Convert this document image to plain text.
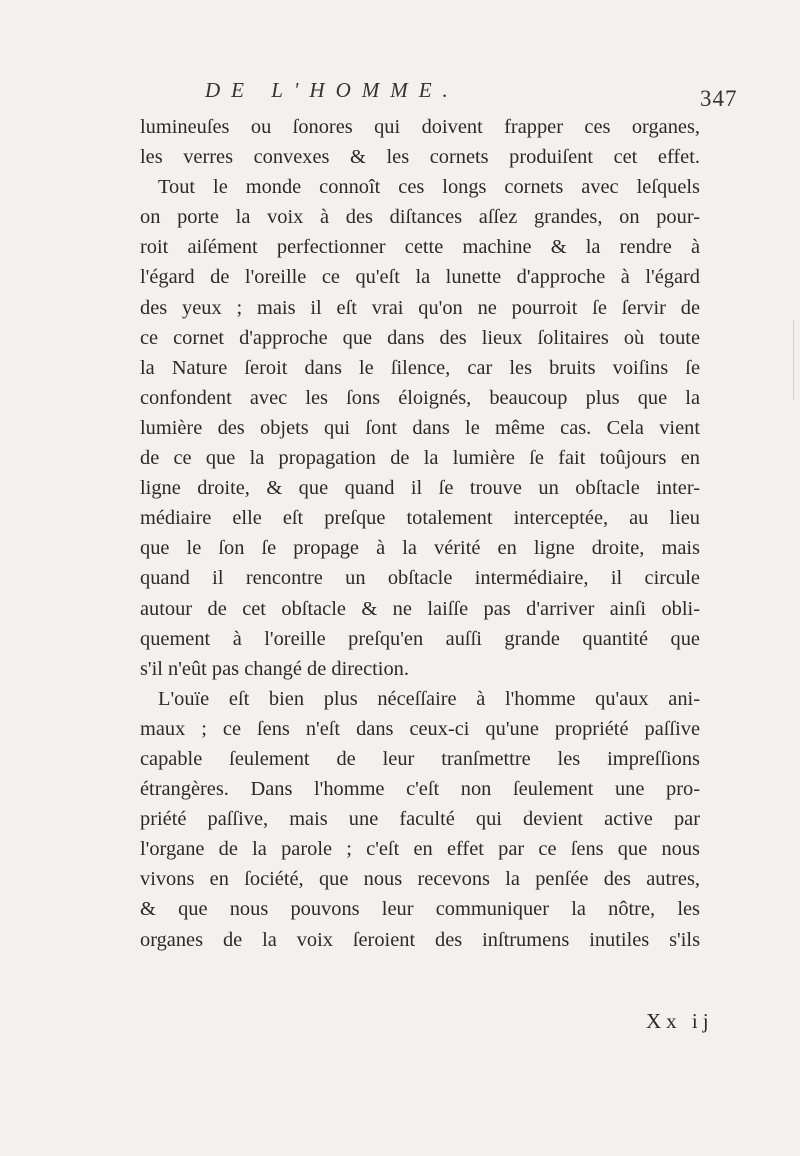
DE L'HOMME.	347
lumineuſes ou ſonores qui doivent frapper ces organes,
les verres convexes & les cornets produiſent cet effet.
Tout le monde connoît ces longs cornets avec leſquels
on porte la voix à des diſtances aſſez grandes, on pour-
roit aiſément perfectionner cette machine & la rendre à
l'égard de l'oreille ce qu'eſt la lunette d'approche à l'égard
des yeux ; mais il eſt vrai qu'on ne pourroit ſe ſervir de
ce cornet d'approche que dans des lieux ſolitaires où toute
la Nature ſeroit dans le ſilence, car les bruits voiſins ſe
confondent avec les ſons éloignés, beaucoup plus que la
lumière des objets qui ſont dans le même cas. Cela vient
de ce que la propagation de la lumière ſe fait toûjours en
ligne droite, & que quand il ſe trouve un obſtacle inter-
médiaire elle eſt preſque totalement interceptée, au lieu
que le ſon ſe propage à la vérité en ligne droite, mais
quand il rencontre un obſtacle intermédiaire, il circule
autour de cet obſtacle & ne laiſſe pas d'arriver ainſi obli-
quement à l'oreille preſqu'en auſſi grande quantité que
s'il n'eût pas changé de direction.
L'ouïe eſt bien plus néceſſaire à l'homme qu'aux ani-
maux ; ce ſens n'eſt dans ceux-ci qu'une propriété paſſive
capable ſeulement de leur tranſmettre les impreſſions
étrangères. Dans l'homme c'eſt non ſeulement une pro-
priété paſſive, mais une faculté qui devient active par
l'organe de la parole ; c'eſt en effet par ce ſens que nous
vivons en ſociété, que nous recevons la penſée des autres,
& que nous pouvons leur communiquer la nôtre, les
organes de la voix ſeroient des inſtrumens inutiles s'ils
Xx ij
